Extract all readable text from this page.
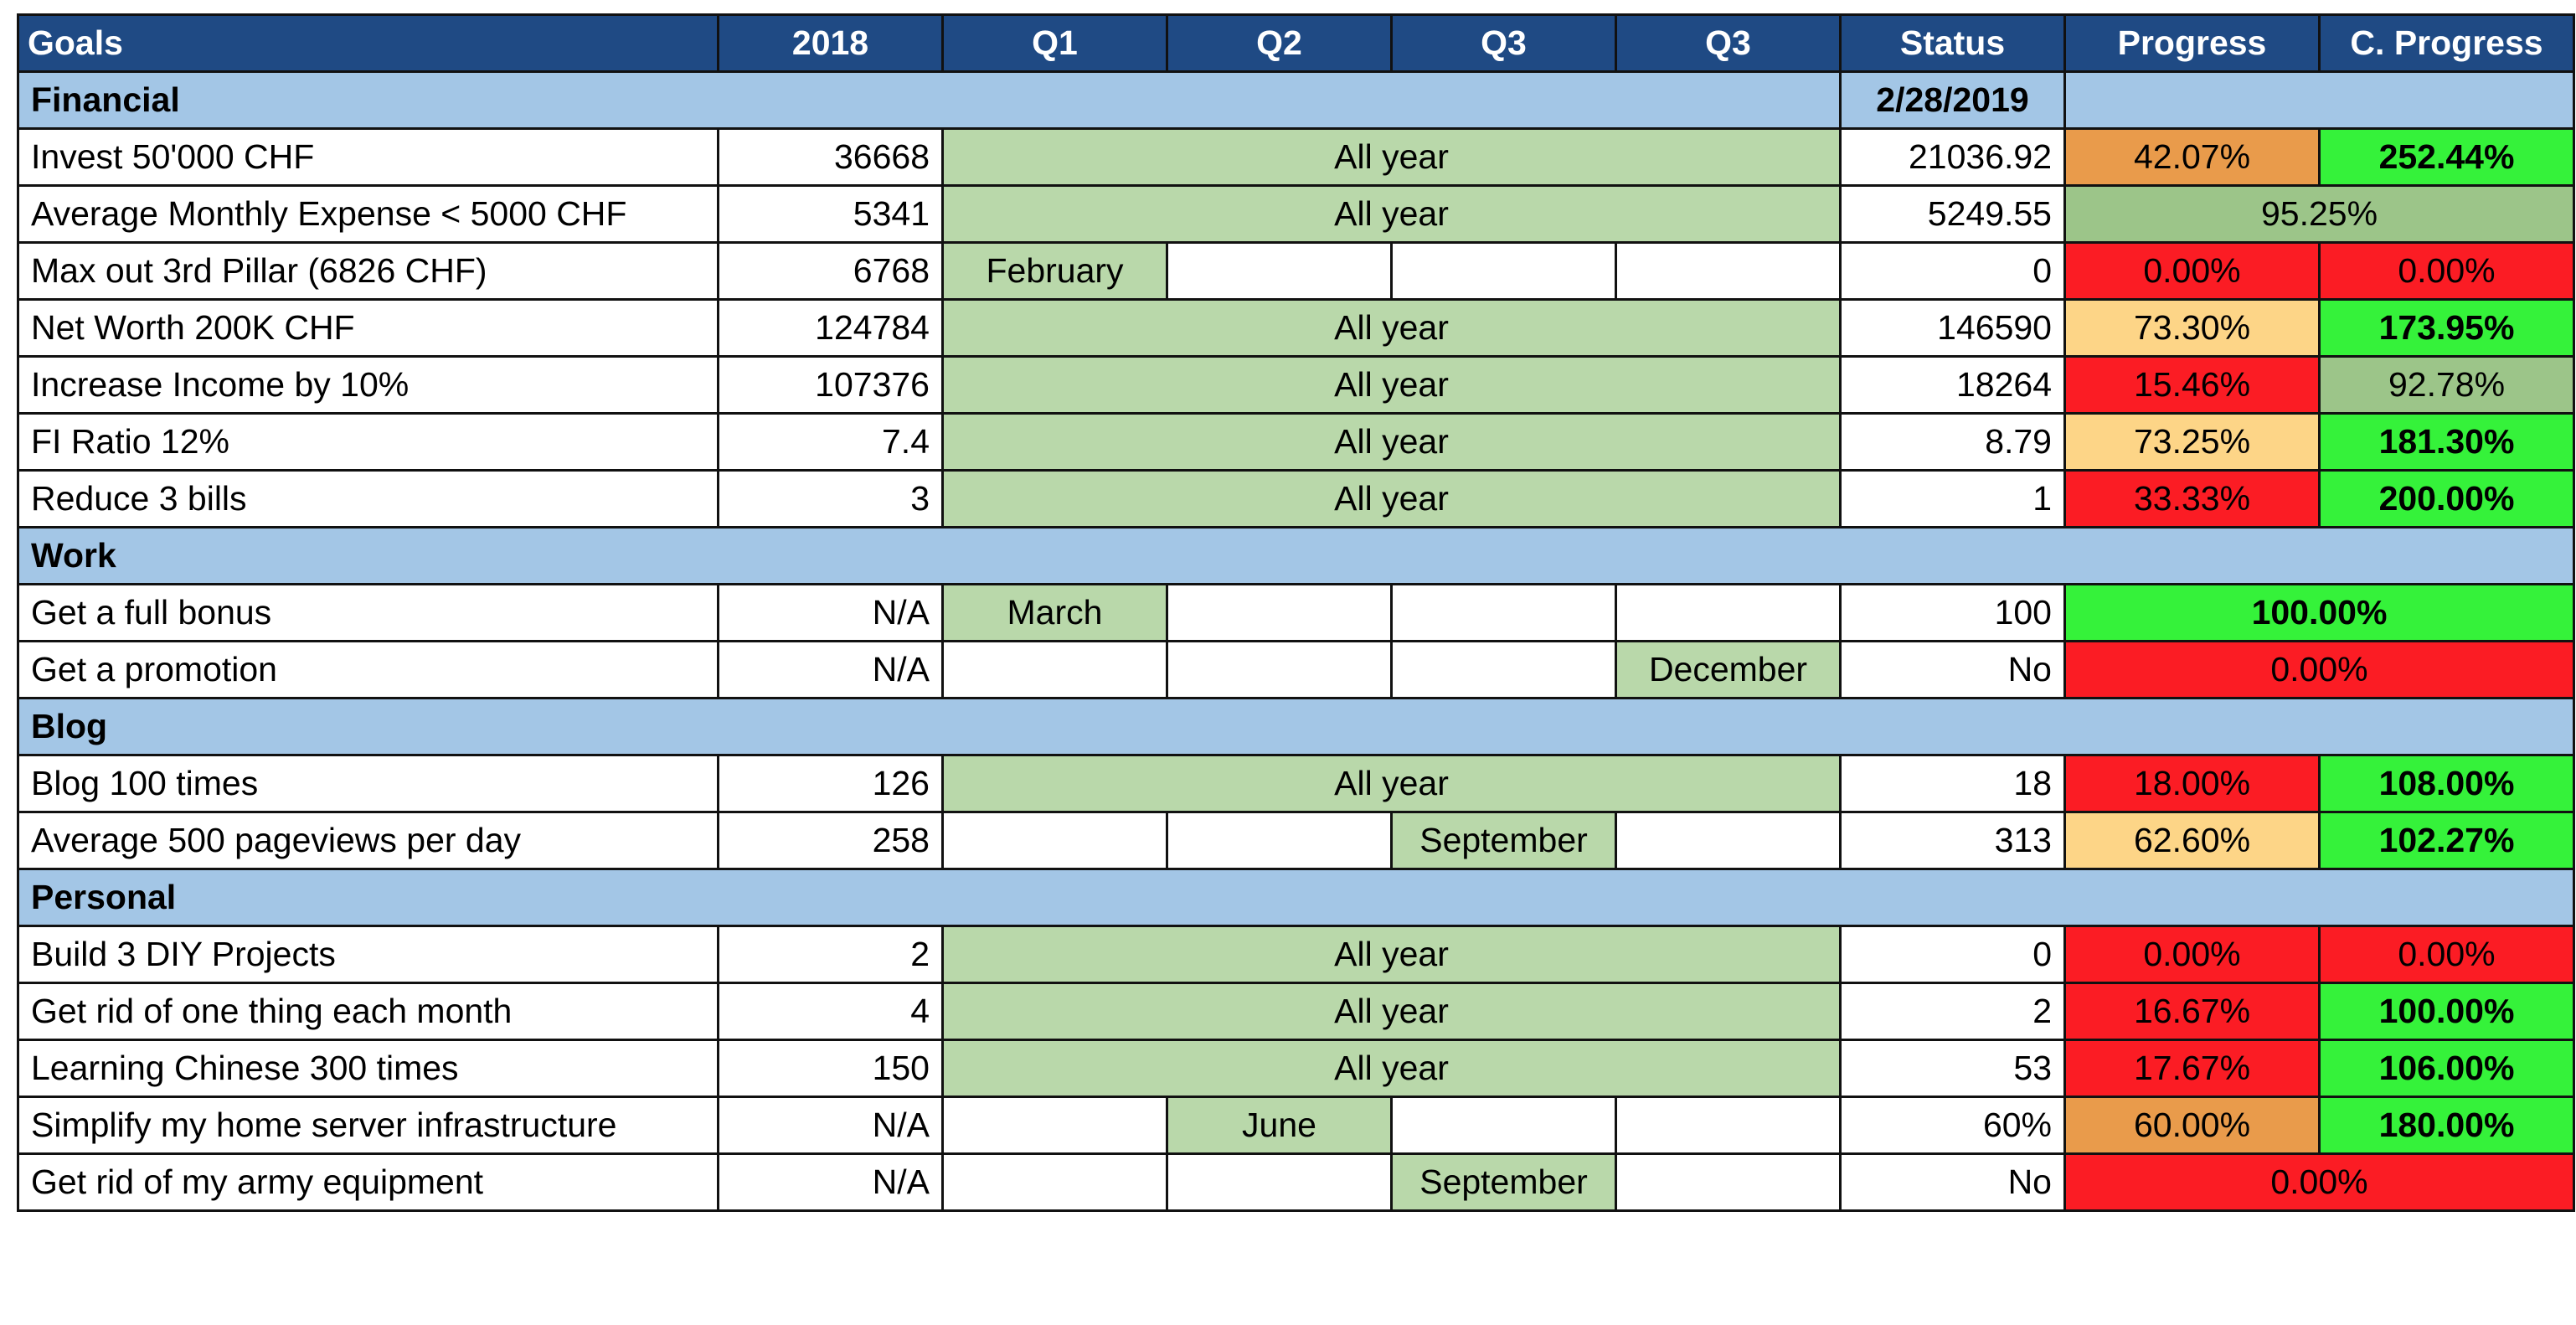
Goals	2018	Q1	Q2	Q3	Q3	Status	Progress	C. Progress
Financial						2/28/2019		
Invest 50'000 CHF	36668	All year				21036.92	42.07%	252.44%
Average Monthly Expense < 5000 CHF	5341	All year				5249.55	95.25%	
Max out 3rd Pillar (6826 CHF)	6768	February				0	0.00%	0.00%
Net Worth 200K CHF	124784	All year				146590	73.30%	173.95%
Increase Income by 10%	107376	All year				18264	15.46%	92.78%
FI Ratio 12%	7.4	All year				8.79	73.25%	181.30%
Reduce 3 bills	3	All year				1	33.33%	200.00%
Work								
Get a full bonus	N/A	March				100	100.00%	
Get a promotion	N/A				December	No	0.00%	
Blog								
Blog 100 times	126	All year				18	18.00%	108.00%
Average 500 pageviews per day	258			September		313	62.60%	102.27%
Personal								
Build 3 DIY Projects	2	All year				0	0.00%	0.00%
Get rid of one thing each month	4	All year				2	16.67%	100.00%
Learning Chinese 300 times	150	All year				53	17.67%	106.00%
Simplify my home server infrastructure	N/A		June			60%	60.00%	180.00%
Get rid of my army equipment	N/A			September		No	0.00%	
